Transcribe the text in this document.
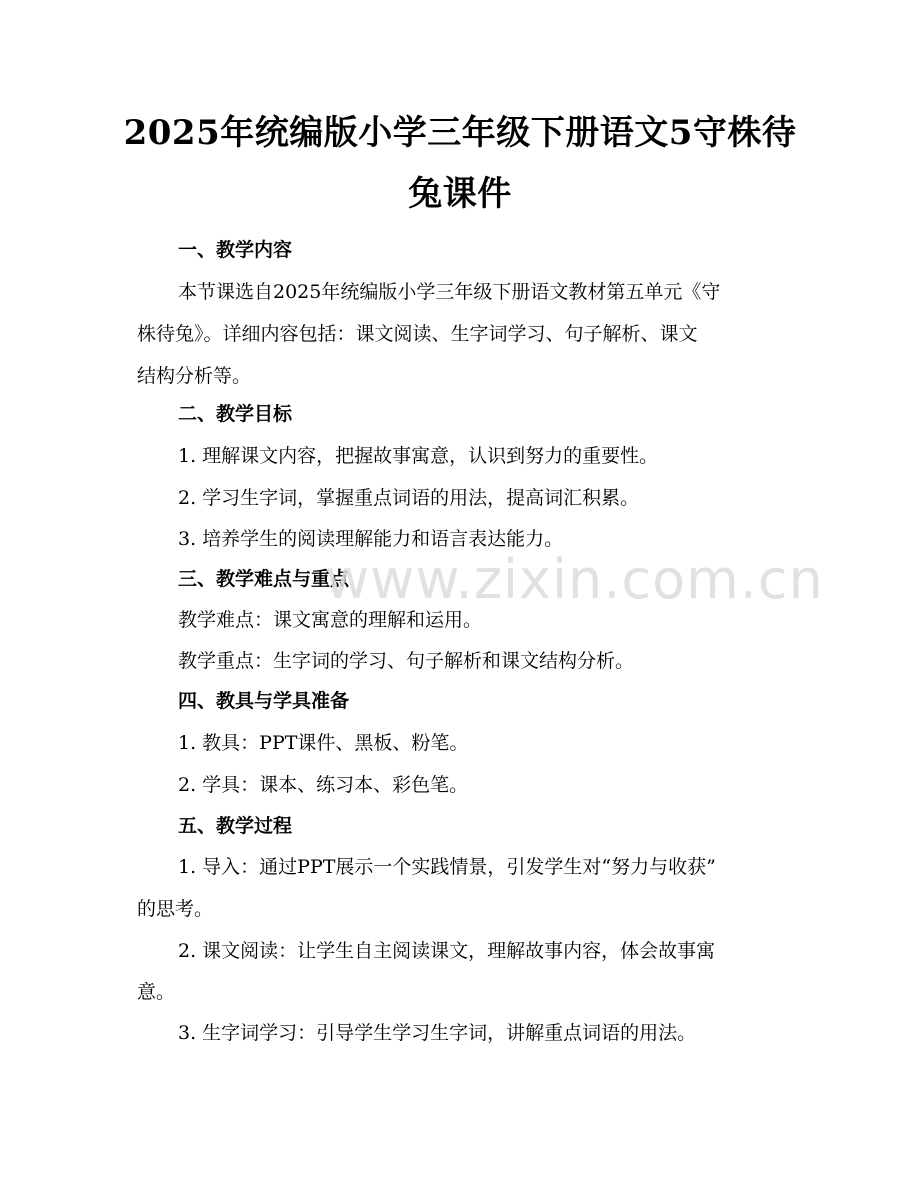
2025年统编版小学三年级下册语文5守株待
兔课件
一、教学内容
本节课选自2025年统编版小学三年级下册语文教材第五单元《守
株待兔》。详细内容包括：课文阅读、生字词学习、句子解析、课文
结构分析等。
二、教学目标
1. 理解课文内容，把握故事寓意，认识到努力的重要性。
2. 学习生字词，掌握重点词语的用法，提高词汇积累。
3. 培养学生的阅读理解能力和语言表达能力。
三、教学难点与重点
教学难点：课文寓意的理解和运用。
教学重点：生字词的学习、句子解析和课文结构分析。
四、教具与学具准备
1. 教具：PPT课件、黑板、粉笔。
2. 学具：课本、练习本、彩色笔。
五、教学过程
1. 导入：通过PPT展示一个实践情景，引发学生对“努力与收获”
的思考。
2. 课文阅读：让学生自主阅读课文，理解故事内容，体会故事寓
意。
3. 生字词学习：引导学生学习生字词，讲解重点词语的用法。
www.zixin.com.cn
